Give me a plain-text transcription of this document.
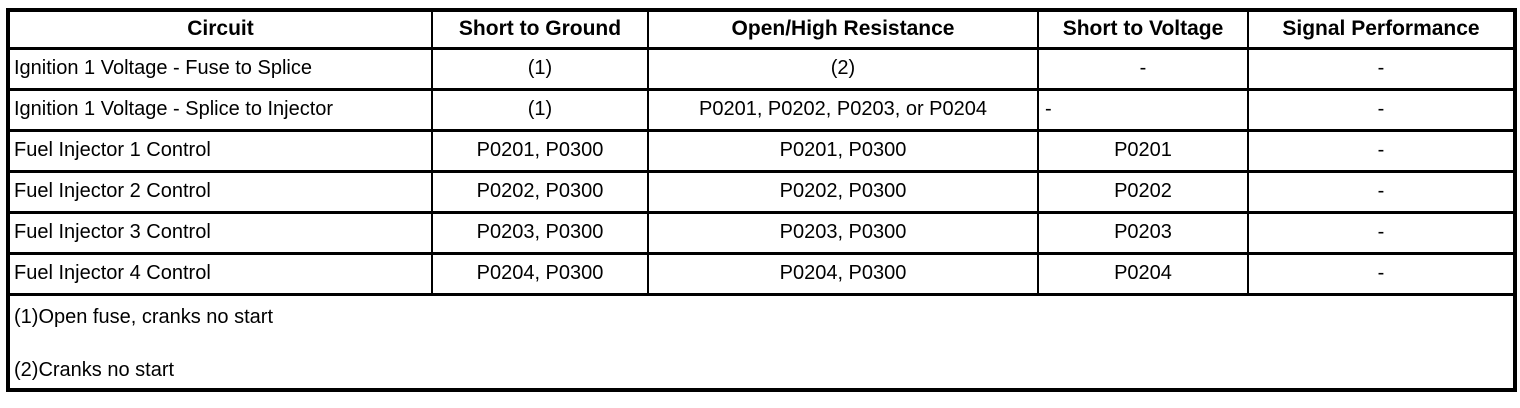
Circuit	Short to Ground	Open/High Resistance	Short to Voltage	Signal Performance
Ignition 1 Voltage - Fuse to Splice	(1)	(2)	-	-
Ignition 1 Voltage - Splice to Injector	(1)	P0201, P0202, P0203, or P0204	-	-
Fuel Injector 1 Control	P0201, P0300	P0201, P0300	P0201	-
Fuel Injector 2 Control	P0202, P0300	P0202, P0300	P0202	-
Fuel Injector 3 Control	P0203, P0300	P0203, P0300	P0203	-
Fuel Injector 4 Control	P0204, P0300	P0204, P0300	P0204	-

(1)Open fuse, cranks no start
(2)Cranks no start				
